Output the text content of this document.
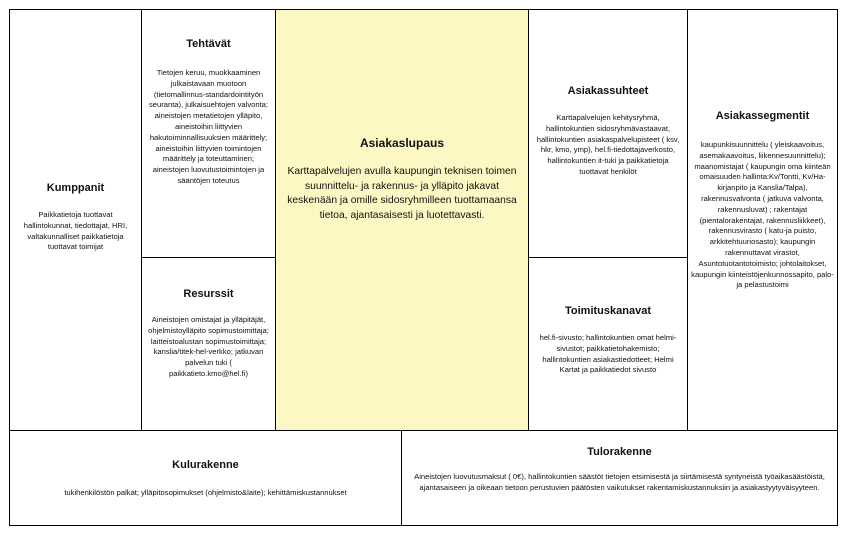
Kumppanit
Paikkatietoja tuottavat hallintokunnat, tiedottajat, HRI, valtakunnalliset paikkatietoja tuottavat toimijat
Tehtävät
Tietojen keruu, muokkaaminen julkaistavaan muotoon (tietomallinnus-standardointityön seuranta), julkaisuehtojen valvonta; aineistojen metatietojen ylläpito, aineistoihin liittyvien hakutoiminnallisuuksien määrittely; aineistoihin liittyvien toimintojen määrittely ja toteuttaminen; aineistojen luovutustoimintojen ja sääntöjen toteutus
Resurssit
Aineistojen omistajat ja ylläpitäjät, ohjelmistoylläpito sopimustoimittaja; laitteistoalustan sopimustoimittaja; kanslia/titek-hel-verkko; jatkuvan palvelun tuki ( paikkatieto.kmo@hel.fi)
Asiakaslupaus
Karttapalvelujen avulla kaupungin teknisen toimen suunnittelu- ja rakennus- ja ylläpito jakavat keskenään ja omille sidosryhmilleen tuottamaansa tietoa, ajantasaisesti ja luotettavasti.
Asiakassuhteet
Karttapalvelujen kehitysryhmä, hallintokuntien sidosryhmävastaavat, hallintokuntien asiakaspalvelupisteet ( ksv, hkr, kmo, ymp), hel.fi-tiedottajaverkosto, hallintokuntien it-tuki ja paikkatietoja tuottavat henkilöt
Toimituskanavat
hel.fi-sivusto; hallintokuntien omat helmi-sivustot; paikkatietohakemisto; hallintokuntien asiakastiedotteet; Helmi Kartat ja paikkatiedot sivusto
Asiakassegmentit
kaupunkisuunnittelu ( yleiskaavoitus, asemakaavoitus, liikennesuunnittelu); maanomistajat ( kaupungin oma kiinteän omaisuuden hallinta:Kv/Tontti, Kv/Ha-kirjanpito ja Kanslia/Talpa), rakennusvalvonta ( jatkuva valvonta, rakennusluvat) ; rakentajat (pientalorakentajat, rakennusliikkeet), rakennusvirasto ( katu-ja puisto, arkkitehtuuriosasto); kaupungin rakennuttavat virastot, Asuntotuotantotoimisto; johtolaitokset, kaupungin kiinteistöjenkunnossapito, palo- ja pelastustoimi
Kulurakenne
tukihenkilöstön palkat; ylläpitosopimukset (ohjelmisto&laite); kehittämiskustannukset
Tulorakenne
Aineistojen luovutusmaksut ( 0€), hallintokuntien säästöt tietojen etsimisestä ja siirtämisestä syntyneistä työaikasäästöistä, ajantasaiseen ja oikeaan tietoon perustuvien päätösten vaikutukset rakentamiskustannuksiin ja asiakastyytyväisyyteen.
